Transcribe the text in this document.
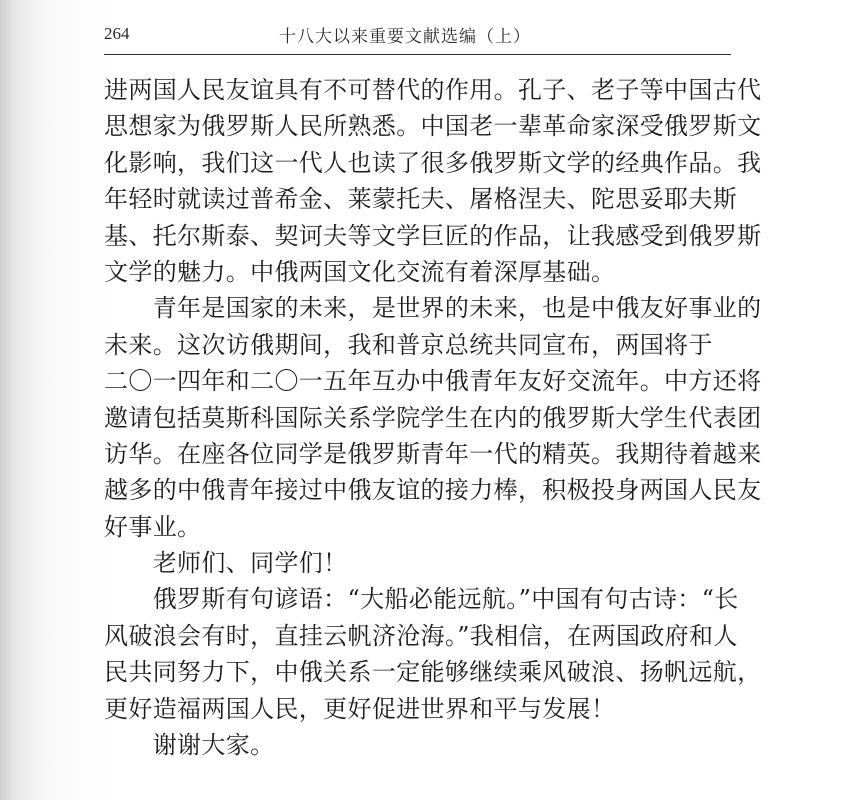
264	十八大以来重要文献选编（上）
进两国人民友谊具有不可替代的作用。孔子、老子等中国古代
思想家为俄罗斯人民所熟悉。中国老一辈革命家深受俄罗斯文
化影响，我们这一代人也读了很多俄罗斯文学的经典作品。我
年轻时就读过普希金、莱蒙托夫、屠格涅夫、陀思妥耶夫斯
基、托尔斯泰、契诃夫等文学巨匠的作品，让我感受到俄罗斯
文学的魅力。中俄两国文化交流有着深厚基础。
　　青年是国家的未来，是世界的未来，也是中俄友好事业的
未来。这次访俄期间，我和普京总统共同宣布，两国将于
二〇一四年和二〇一五年互办中俄青年友好交流年。中方还将
邀请包括莫斯科国际关系学院学生在内的俄罗斯大学生代表团
访华。在座各位同学是俄罗斯青年一代的精英。我期待着越来
越多的中俄青年接过中俄友谊的接力棒，积极投身两国人民友
好事业。
　　老师们、同学们！
　　俄罗斯有句谚语：“大船必能远航。”中国有句古诗：“长
风破浪会有时，直挂云帆济沧海。”我相信，在两国政府和人
民共同努力下，中俄关系一定能够继续乘风破浪、扬帆远航，
更好造福两国人民，更好促进世界和平与发展！
　　谢谢大家。
